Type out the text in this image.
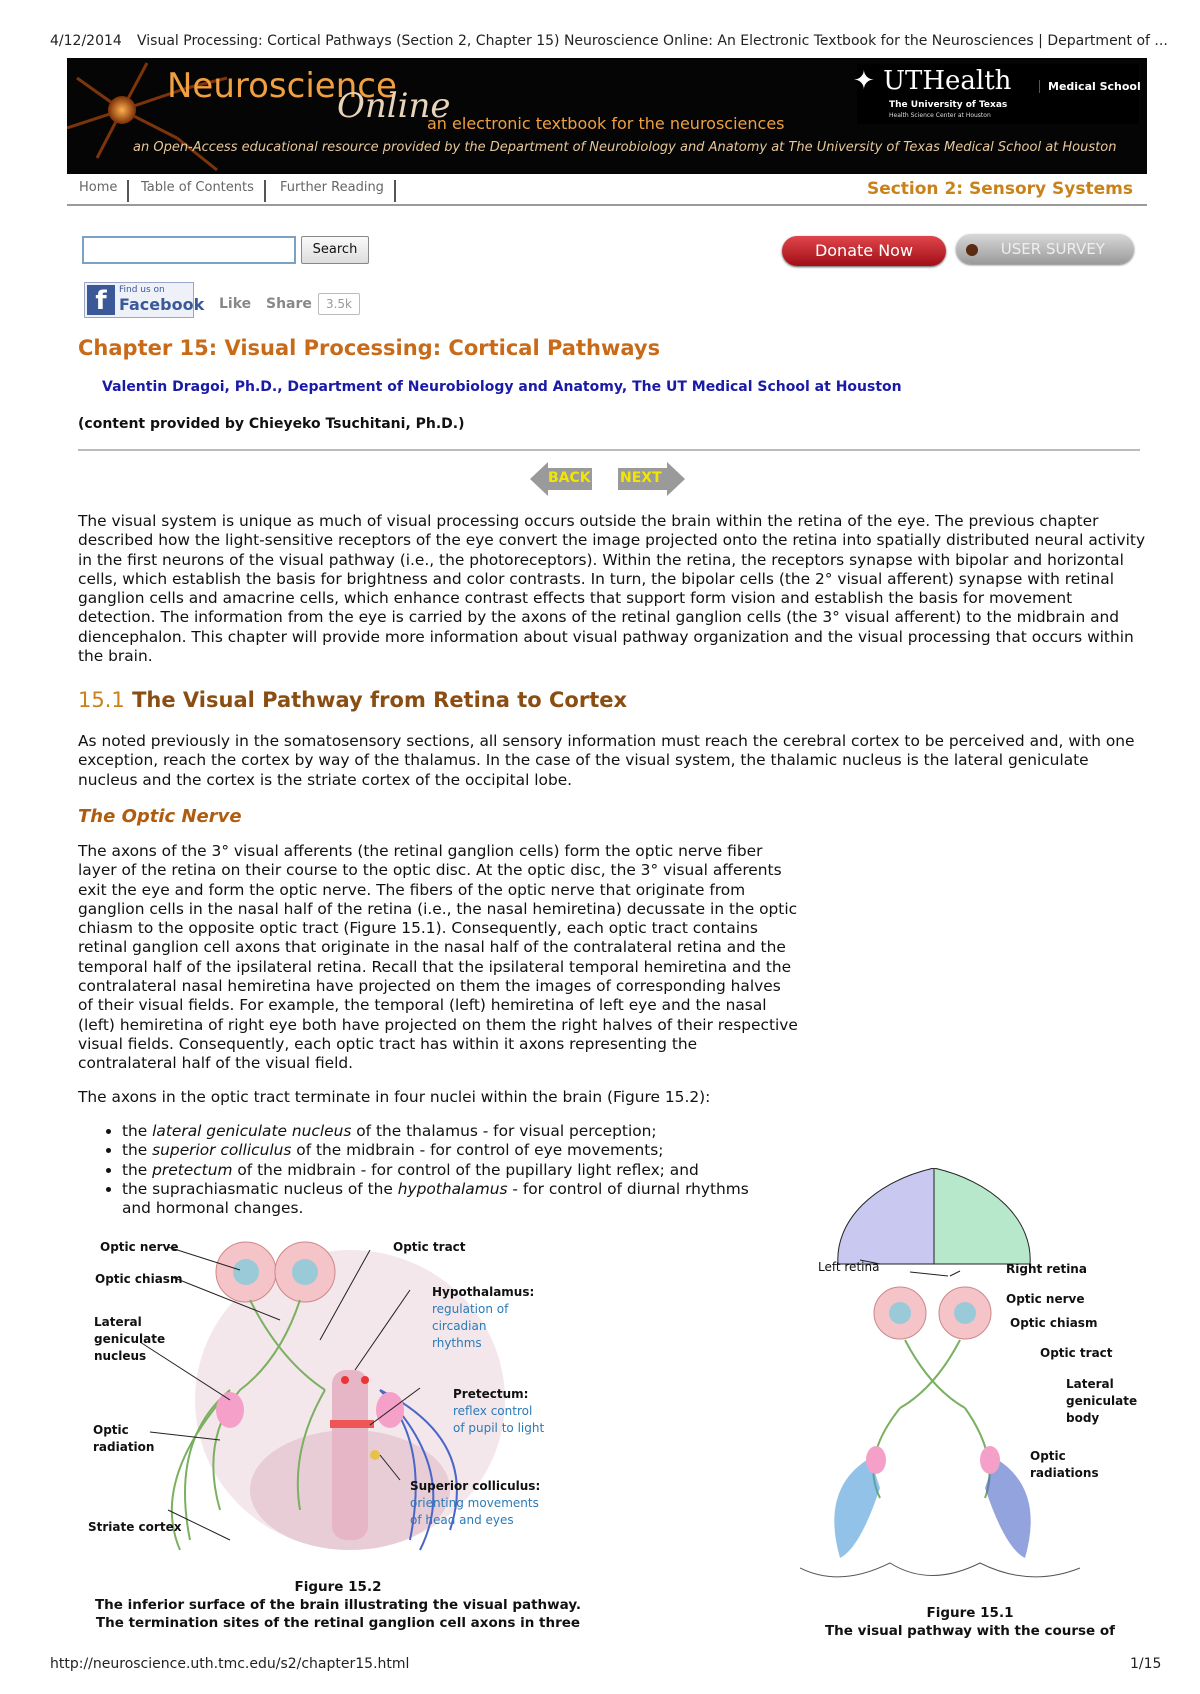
4/12/2014 Visual Processing: Cortical Pathways (Section 2, Chapter 15) Neuroscience Online: An Electronic Textbook for the Neurosciences | Department of ...
Neuroscience
Online
an electronic textbook for the neurosciences
an Open-Access educational resource provided by the Department of Neurobiology and Anatomy at The University of Texas Medical School at Houston
✦ UTHealth
The University of Texas
Health Science Center at Houston
Medical School
Home	Table of Contents	Further Reading	Section 2: Sensory Systems
Search	Donate Now	USER SURVEY
f	Find us on
Facebook Like Share	3.5k
Chapter 15: Visual Processing: Cortical Pathways
Valentin Dragoi, Ph.D., Department of Neurobiology and Anatomy, The UT Medical School at Houston
(content provided by Chieyeko Tsuchitani, Ph.D.)
BACK NEXT
The visual system is unique as much of visual processing occurs outside the brain within the retina of the eye. The previous chapter described how the light-sensitive receptors of the eye convert the image projected onto the retina into spatially distributed neural activity in the first neurons of the visual pathway (i.e., the photoreceptors). Within the retina, the receptors synapse with bipolar and horizontal cells, which establish the basis for brightness and color contrasts. In turn, the bipolar cells (the 2° visual afferent) synapse with retinal ganglion cells and amacrine cells, which enhance contrast effects that support form vision and establish the basis for movement detection. The information from the eye is carried by the axons of the retinal ganglion cells (the 3° visual afferent) to the midbrain and diencephalon. This chapter will provide more information about visual pathway organization and the visual processing that occurs within the brain.
15.1 The Visual Pathway from Retina to Cortex
As noted previously in the somatosensory sections, all sensory information must reach the cerebral cortex to be perceived and, with one exception, reach the cortex by way of the thalamus. In the case of the visual system, the thalamic nucleus is the lateral geniculate nucleus and the cortex is the striate cortex of the occipital lobe.
The Optic Nerve
The axons of the 3° visual afferents (the retinal ganglion cells) form the optic nerve fiber layer of the retina on their course to the optic disc. At the optic disc, the 3° visual afferents exit the eye and form the optic nerve. The fibers of the optic nerve that originate from ganglion cells in the nasal half of the retina (i.e., the nasal hemiretina) decussate in the optic chiasm to the opposite optic tract (Figure 15.1). Consequently, each optic tract contains retinal ganglion cell axons that originate in the nasal half of the contralateral retina and the temporal half of the ipsilateral retina. Recall that the ipsilateral temporal hemiretina and the contralateral nasal hemiretina have projected on them the images of corresponding halves of their visual fields. For example, the temporal (left) hemiretina of left eye and the nasal (left) hemiretina of right eye both have projected on them the right halves of their respective visual fields. Consequently, each optic tract has within it axons representing the contralateral half of the visual field.
The axons in the optic tract terminate in four nuclei within the brain (Figure 15.2):
• the lateral geniculate nucleus of the thalamus - for visual perception;
• the superior colliculus of the midbrain - for control of eye movements;
• the pretectum of the midbrain - for control of the pupillary light reflex; and
• the suprachiasmatic nucleus of the hypothalamus - for control of diurnal rhythms and hormonal changes.
Optic nerve
Optic chiasm
Lateral
geniculate
nucleus
Optic
radiation
Striate cortex
Optic tract
Hypothalamus:
regulation of
circadian
rhythms
Pretectum:
reflex control
of pupil to light
Superior colliculus:
orienting movements
of head and eyes
Figure 15.2
The inferior surface of the brain illustrating the visual pathway.
The termination sites of the retinal ganglion cell axons in three
Left retina	Right retina
Optic nerve
Optic chiasm
Optic tract
Lateral
geniculate
body
Optic
radiations
Figure 15.1
The visual pathway with the course of
http://neuroscience.uth.tmc.edu/s2/chapter15.html	1/15
